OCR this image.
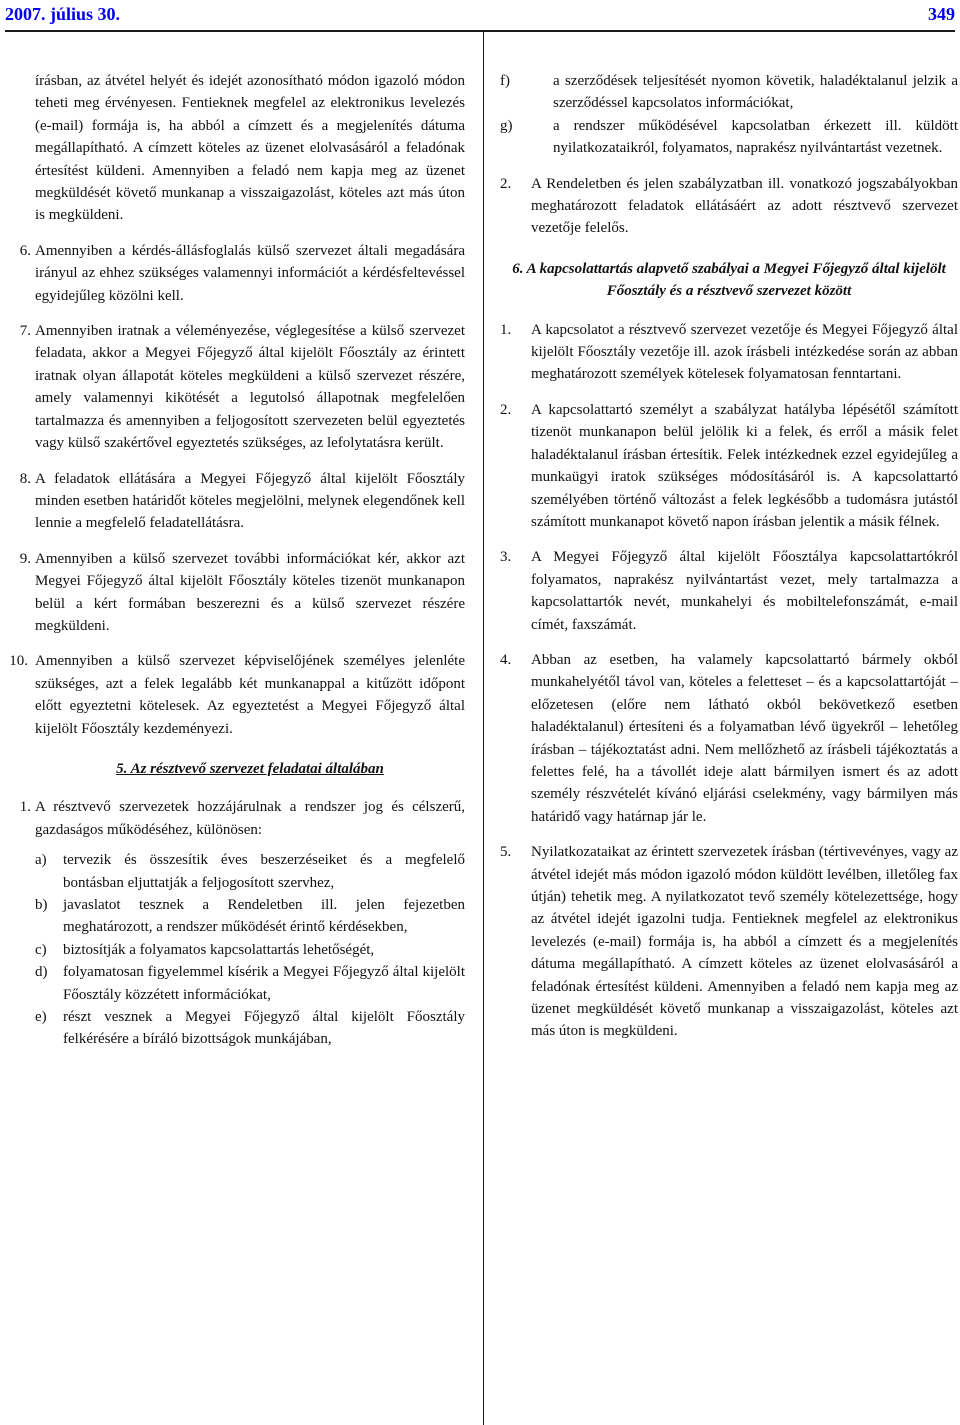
2007. július 30.	349

írásban, az átvétel helyét és idejét azonosítható módon igazoló módon teheti meg érvényesen. Fentieknek megfelel az elektronikus levelezés (e-mail) formája is, ha abból a címzett és a megjelenítés dátuma megállapítható. A címzett köteles az üzenet elolvasásáról a feladónak értesítést küldeni. Amennyiben a feladó nem kapja meg az üzenet megküldését követő munkanap a visszaigazolást, köteles azt más úton is megküldeni.

6. Amennyiben a kérdés-állásfoglalás külső szervezet általi megadására irányul az ehhez szükséges valamennyi információt a kérdésfeltevéssel egyidejűleg közölni kell.
7. Amennyiben iratnak a véleményezése, véglegesítése a külső szervezet feladata, akkor a Megyei Főjegyző által kijelölt Főosztály az érintett iratnak olyan állapotát köteles megküldeni a külső szervezet részére, amely valamennyi kikötését a legutolsó állapotnak megfelelően tartalmazza és amennyiben a feljogosított szervezeten belül egyeztetés vagy külső szakértővel egyeztetés szükséges, az lefolytatásra került.
8. A feladatok ellátására a Megyei Főjegyző által kijelölt Főosztály minden esetben határidőt köteles megjelölni, melynek elegendőnek kell lennie a megfelelő feladatellátásra.
9. Amennyiben a külső szervezet további információkat kér, akkor azt Megyei Főjegyző által kijelölt Főosztály köteles tizenöt munkanapon belül a kért formában beszerezni és a külső szervezet részére megküldeni.
10. Amennyiben a külső szervezet képviselőjének személyes jelenléte szükséges, azt a felek legalább két munkanappal a kitűzött időpont előtt egyeztetni kötelesek. Az egyeztetést a Megyei Főjegyző által kijelölt Főosztály kezdeményezi.
5. Az résztvevő szervezet feladatai általában
1. A résztvevő szervezetek hozzájárulnak a rendszer jog és célszerű, gazdaságos működéséhez, különösen:
a) tervezik és összesítik éves beszerzéseiket és a megfelelő bontásban eljuttatják a feljogosított szervhez,
b) javaslatot tesznek a Rendeletben ill. jelen fejezetben meghatározott, a rendszer működését érintő kérdésekben,
c) biztosítják a folyamatos kapcsolattartás lehetőségét,
d) folyamatosan figyelemmel kísérik a Megyei Főjegyző által kijelölt Főosztály közzétett információkat,
e) részt vesznek a Megyei Főjegyző által kijelölt Főosztály felkérésére a bíráló bizottságok munkájában,
f)	a szerződések teljesítését nyomon követik, haladéktalanul jelzik a szerződéssel kapcsolatos információkat,
g)	a rendszer működésével kapcsolatban érkezett ill. küldött nyilatkozataikról, folyamatos, naprakész nyilvántartást vezetnek.
2.	A Rendeletben és jelen szabályzatban ill. vonatkozó jogszabályokban meghatározott feladatok ellátásáért az adott résztvevő szervezet vezetője felelős.
6. A kapcsolattartás alapvető szabályai a Megyei Főjegyző által kijelölt Főosztály és a résztvevő szervezet között
1.	A kapcsolatot a résztvevő szervezet vezetője és Megyei Főjegyző által kijelölt Főosztály vezetője ill. azok írásbeli intézkedése során az abban meghatározott személyek kötelesek folyamatosan fenntartani.
2.	A kapcsolattartó személyt a szabályzat hatályba lépésétől számított tizenöt munkanapon belül jelölik ki a felek, és erről a másik felet haladéktalanul írásban értesítik. Felek intézkednek ezzel egyidejűleg a munkaügyi iratok szükséges módosításáról is. A kapcsolattartó személyében történő változást a felek legkésőbb a tudomásra jutástól számított munkanapot követő napon írásban jelentik a másik félnek.
3.	A Megyei Főjegyző által kijelölt Főosztálya kapcsolattartókról folyamatos, naprakész nyilvántartást vezet, mely tartalmazza a kapcsolattartók nevét, munkahelyi és mobiltelefonszámát, e-mail címét, faxszámát.
4.	Abban az esetben, ha valamely kapcsolattartó bármely okból munkahelyétől távol van, köteles a feletteset – és a kapcsolattartóját – előzetesen (előre nem látható okból bekövetkező esetben haladéktalanul) értesíteni és a folyamatban lévő ügyekről – lehetőleg írásban – tájékoztatást adni. Nem mellőzhető az írásbeli tájékoztatás a felettes felé, ha a távollét ideje alatt bármilyen ismert és az adott személy részvételét kívánó eljárási cselekmény, vagy bármilyen más határidő vagy határnap jár le.
5.	Nyilatkozataikat az érintett szervezetek írásban (tértivevényes, vagy az átvétel idejét más módon igazoló módon küldött levélben, illetőleg fax útján) tehetik meg. A nyilatkozatot tevő személy kötelezettsége, hogy az átvétel idejét igazolni tudja. Fentieknek megfelel az elektronikus levelezés (e-mail) formája is, ha abból a címzett és a megjelenítés dátuma megállapítható. A címzett köteles az üzenet elolvasásáról a feladónak értesítést küldeni. Amennyiben a feladó nem kapja meg az üzenet megküldését követő munkanap a visszaigazolást, köteles azt más úton is megküldeni.
